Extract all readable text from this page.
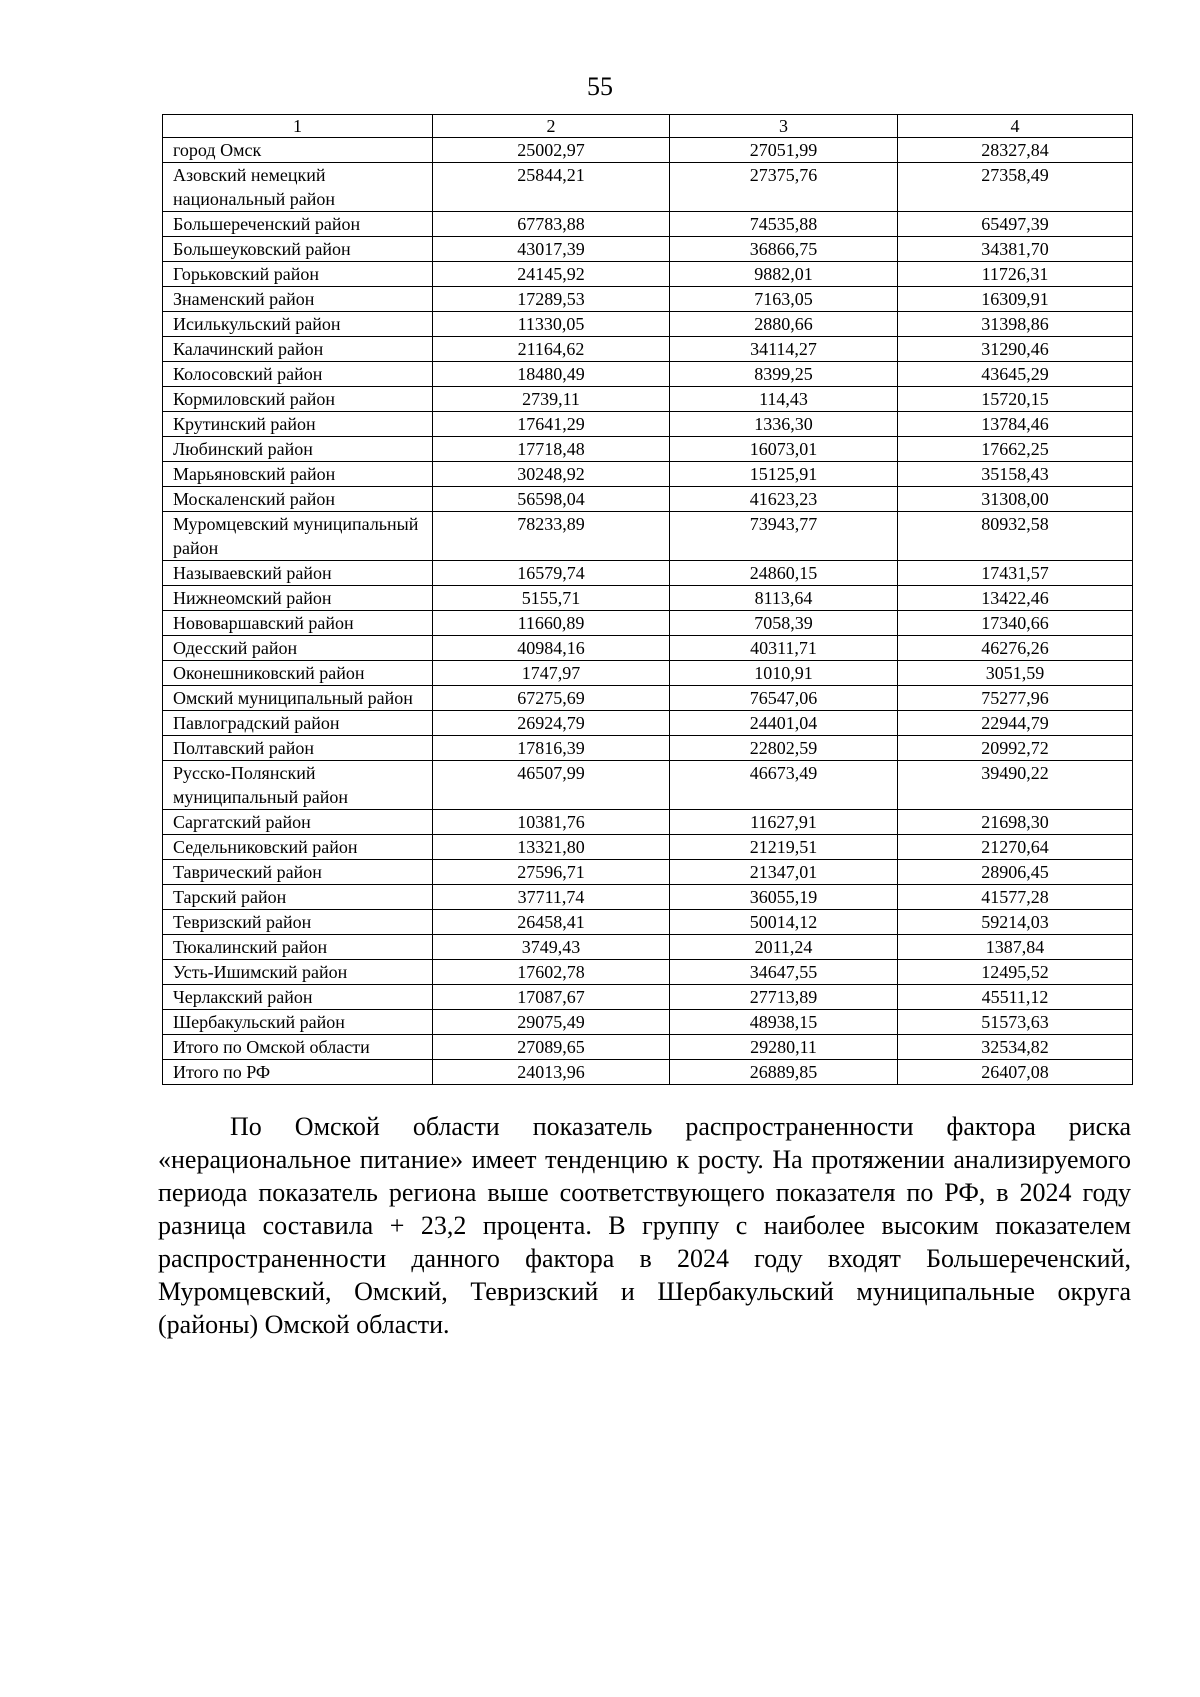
55
1	2	3	4
город Омск	25002,97	27051,99	28327,84
Азовский немецкий национальный район	25844,21	27375,76	27358,49
Большереченский район	67783,88	74535,88	65497,39
Большеуковский район	43017,39	36866,75	34381,70
Горьковский район	24145,92	9882,01	11726,31
Знаменский район	17289,53	7163,05	16309,91
Исилькульский район	11330,05	2880,66	31398,86
Калачинский район	21164,62	34114,27	31290,46
Колосовский район	18480,49	8399,25	43645,29
Кормиловский район	2739,11	114,43	15720,15
Крутинский район	17641,29	1336,30	13784,46
Любинский район	17718,48	16073,01	17662,25
Марьяновский район	30248,92	15125,91	35158,43
Москаленский район	56598,04	41623,23	31308,00
Муромцевский муниципальный район	78233,89	73943,77	80932,58
Называевский район	16579,74	24860,15	17431,57
Нижнеомский район	5155,71	8113,64	13422,46
Нововаршавский район	11660,89	7058,39	17340,66
Одесский район	40984,16	40311,71	46276,26
Оконешниковский район	1747,97	1010,91	3051,59
Омский муниципальный район	67275,69	76547,06	75277,96
Павлоградский район	26924,79	24401,04	22944,79
Полтавский район	17816,39	22802,59	20992,72
Русско-Полянский муниципальный район	46507,99	46673,49	39490,22
Саргатский район	10381,76	11627,91	21698,30
Седельниковский район	13321,80	21219,51	21270,64
Таврический район	27596,71	21347,01	28906,45
Тарский район	37711,74	36055,19	41577,28
Тевризский район	26458,41	50014,12	59214,03
Тюкалинский район	3749,43	2011,24	1387,84
Усть-Ишимский район	17602,78	34647,55	12495,52
Черлакский район	17087,67	27713,89	45511,12
Шербакульский район	29075,49	48938,15	51573,63
Итого по Омской области	27089,65	29280,11	32534,82
Итого по РФ	24013,96	26889,85	26407,08

По Омской области показатель распространенности фактора риска «нерациональное питание» имеет тенденцию к росту. На протяжении анализируемого периода показатель региона выше соответствующего показателя по РФ, в 2024 году разница составила + 23,2 процента. В группу с наиболее высоким показателем распространенности данного фактора в 2024 году входят Большереченский, Муромцевский, Омский, Тевризский и Шербакульский муниципальные округа (районы) Омской области.
